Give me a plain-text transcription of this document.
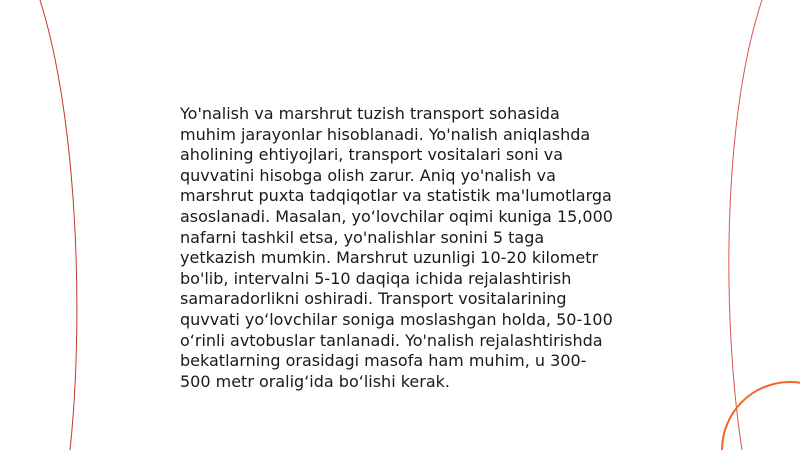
Yo'nalish va marshrut tuzish transport sohasida
muhim jarayonlar hisoblanadi. Yo'nalish aniqlashda
aholining ehtiyojlari, transport vositalari soni va
quvvatini hisobga olish zarur. Aniq yo'nalish va
marshrut puxta tadqiqotlar va statistik ma'lumotlarga
asoslanadi. Masalan, yo‘lovchilar oqimi kuniga 15,000
nafarni tashkil etsa, yo'nalishlar sonini 5 taga
yetkazish mumkin. Marshrut uzunligi 10-20 kilometr
bo'lib, intervalni 5-10 daqiqa ichida rejalashtirish
samaradorlikni oshiradi. Transport vositalarining
quvvati yo‘lovchilar soniga moslashgan holda, 50-100
o‘rinli avtobuslar tanlanadi. Yo'nalish rejalashtirishda
bekatlarning orasidagi masofa ham muhim, u 300-
500 metr oralig‘ida bo‘lishi kerak.
